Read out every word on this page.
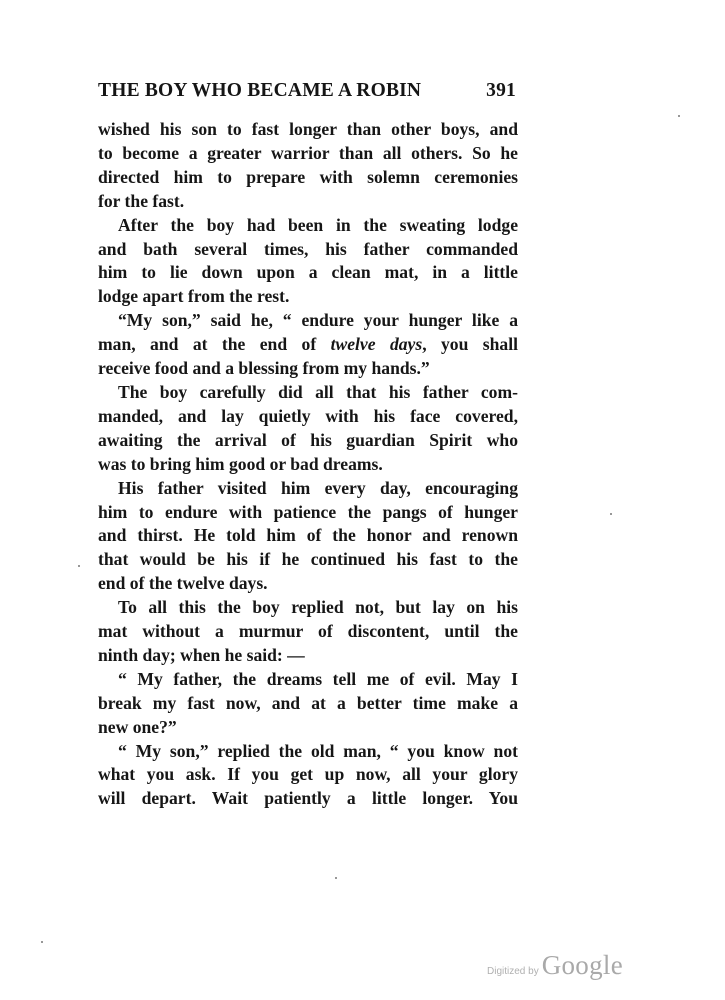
THE BOY WHO BECAME A ROBIN	391
wished his son to fast longer than other boys, and
to become a greater warrior than all others. So he
directed him to prepare with solemn ceremonies
for the fast.
After the boy had been in the sweating lodge
and bath several times, his father commanded
him to lie down upon a clean mat, in a little
lodge apart from the rest.
“My son,” said he, “ endure your hunger like a
man, and at the end of twelve days, you shall
receive food and a blessing from my hands.”
The boy carefully did all that his father com-
manded, and lay quietly with his face covered,
awaiting the arrival of his guardian Spirit who
was to bring him good or bad dreams.
His father visited him every day, encouraging
him to endure with patience the pangs of hunger
and thirst. He told him of the honor and renown
that would be his if he continued his fast to the
end of the twelve days.
To all this the boy replied not, but lay on his
mat without a murmur of discontent, until the
ninth day; when he said: —
“ My father, the dreams tell me of evil. May I
break my fast now, and at a better time make a
new one?”
“ My son,” replied the old man, “ you know not
what you ask. If you get up now, all your glory
will depart. Wait patiently a little longer. You
Digitized by Google
